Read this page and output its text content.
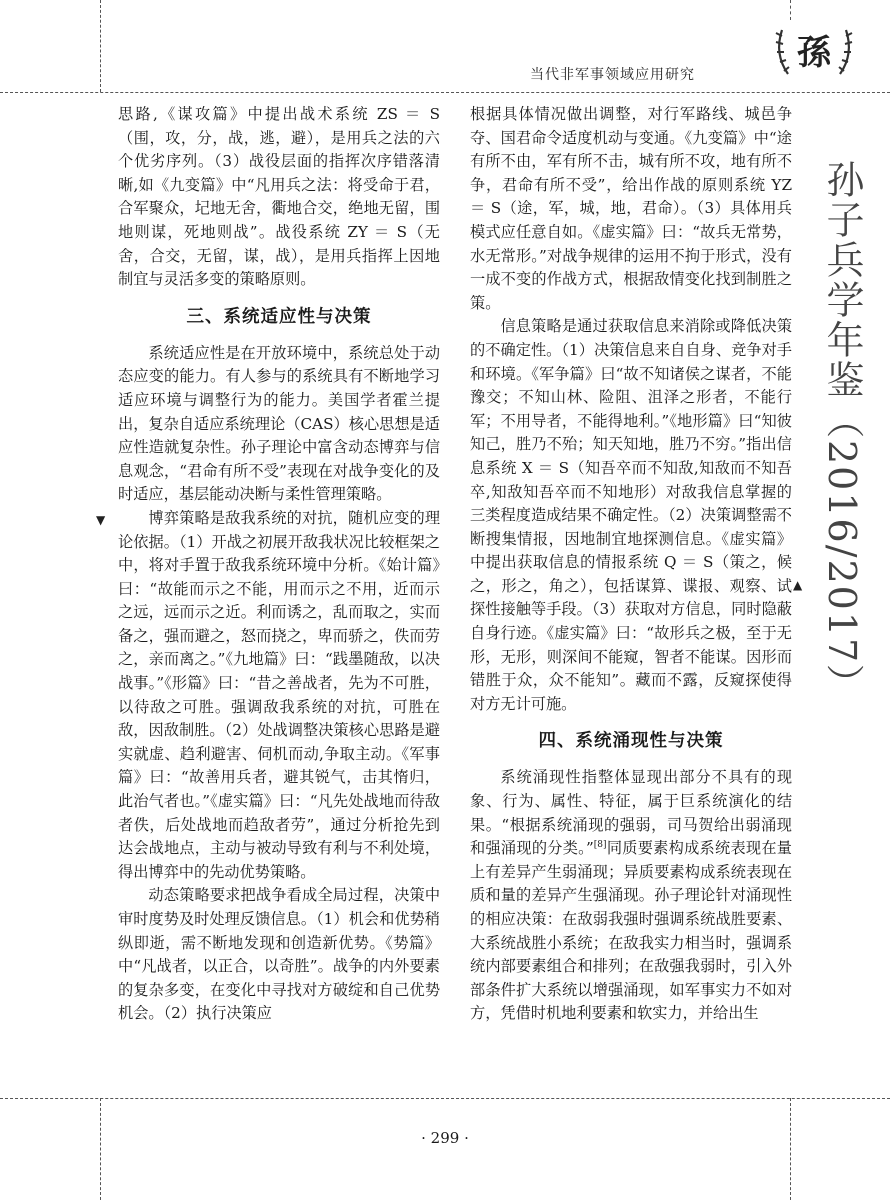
▼
▲
当代非军事领域应用研究
孫
孙子兵学年鉴（2016/2017）

思路,《谋攻篇》中提出战术系统 ZS ＝ S（围，攻，分，战，逃，避），是用兵之法的六个优劣序列。（3）战役层面的指挥次序错落清晰,如《九变篇》中“凡用兵之法：将受命于君，合军聚众，圮地无舍，衢地合交，绝地无留，围地则谋，死地则战”。战役系统 ZY ＝ S（无舍，合交，无留，谋，战），是用兵指挥上因地制宜与灵活多变的策略原则。

三、系统适应性与决策

系统适应性是在开放环境中，系统总处于动态应变的能力。有人参与的系统具有不断地学习适应环境与调整行为的能力。美国学者霍兰提出，复杂自适应系统理论（CAS）核心思想是适应性造就复杂性。孙子理论中富含动态博弈与信息观念，“君命有所不受”表现在对战争变化的及时适应，基层能动决断与柔性管理策略。

博弈策略是敌我系统的对抗，随机应变的理论依据。（1）开战之初展开敌我状况比较框架之中，将对手置于敌我系统环境中分析。《始计篇》曰：“故能而示之不能，用而示之不用，近而示之远，远而示之近。利而诱之，乱而取之，实而备之，强而避之，怒而挠之，卑而骄之，佚而劳之，亲而离之。”《九地篇》曰：“践墨随敌，以决战事。”《形篇》曰：“昔之善战者，先为不可胜，以待敌之可胜。强调敌我系统的对抗，可胜在敌，因敌制胜。（2）处战调整决策核心思路是避实就虚、趋利避害、伺机而动,争取主动。《军事篇》曰：“故善用兵者，避其锐气，击其惰归，此治气者也。”《虚实篇》曰：“凡先处战地而待敌者佚，后处战地而趋敌者劳”，通过分析抢先到达会战地点，主动与被动导致有利与不利处境，得出博弈中的先动优势策略。

动态策略要求把战争看成全局过程，决策中审时度势及时处理反馈信息。（1）机会和优势稍纵即逝，需不断地发现和创造新优势。《势篇》中“凡战者，以正合，以奇胜”。战争的内外要素的复杂多变，在变化中寻找对方破绽和自己优势机会。（2）执行决策应

根据具体情况做出调整，对行军路线、城邑争夺、国君命令适度机动与变通。《九变篇》中“途有所不由，军有所不击，城有所不攻，地有所不争，君命有所不受”，给出作战的原则系统 YZ ＝ S（途，军，城，地，君命）。（3）具体用兵模式应任意自如。《虚实篇》曰：“故兵无常势，水无常形。”对战争规律的运用不拘于形式，没有一成不变的作战方式，根据敌情变化找到制胜之策。

信息策略是通过获取信息来消除或降低决策的不确定性。（1）决策信息来自自身、竞争对手和环境。《军争篇》曰“故不知诸侯之谋者，不能豫交；不知山林、险阻、沮泽之形者，不能行军；不用导者，不能得地利。”《地形篇》曰“知彼知己，胜乃不殆；知天知地，胜乃不穷。”指出信息系统 X ＝ S（知吾卒而不知敌,知敌而不知吾卒,知敌知吾卒而不知地形）对敌我信息掌握的三类程度造成结果不确定性。（2）决策调整需不断搜集情报，因地制宜地探测信息。《虚实篇》中提出获取信息的情报系统 Q ＝ S（策之，候之，形之，角之），包括谋算、谍报、观察、试探性接触等手段。（3）获取对方信息，同时隐蔽自身行迹。《虚实篇》曰：“故形兵之极，至于无形，无形，则深间不能窥，智者不能谋。因形而错胜于众，众不能知”。藏而不露，反窥探使得对方无计可施。

四、系统涌现性与决策

系统涌现性指整体显现出部分不具有的现象、行为、属性、特征，属于巨系统演化的结果。“根据系统涌现的强弱，司马贺给出弱涌现和强涌现的分类。”[8]同质要素构成系统表现在量上有差异产生弱涌现；异质要素构成系统表现在质和量的差异产生强涌现。孙子理论针对涌现性的相应决策：在敌弱我强时强调系统战胜要素、大系统战胜小系统；在敌我实力相当时，强调系统内部要素组合和排列；在敌强我弱时，引入外部条件扩大系统以增强涌现，如军事实力不如对方，凭借时机地利要素和软实力，并给出生

· 299 ·
